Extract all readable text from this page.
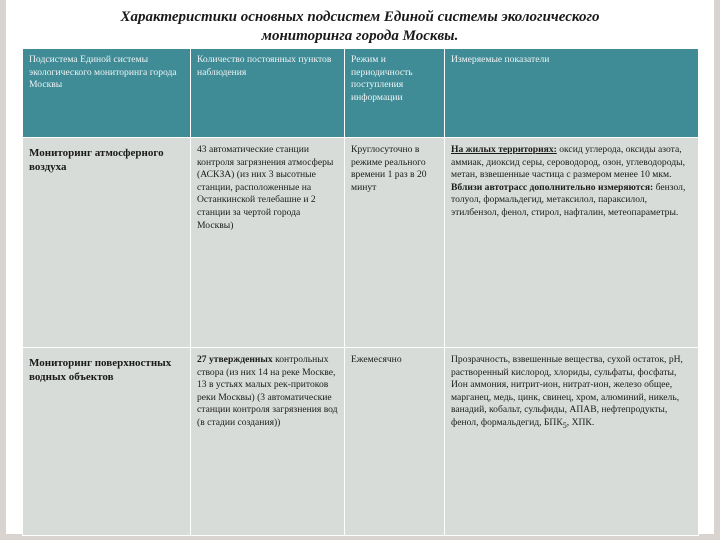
Характеристики основных подсистем Единой системы экологического
мониторинга города Москвы.
Подсистема Единой системы экологического мониторинга города Москвы	Количество постоянных пунктов наблюдения	Режим и периодичность поступления информации	Измеряемые показатели
Мониторинг атмосферного воздуха	43 автоматические станции контроля загрязнения атмосферы (АСКЗА) (из них 3 высотные станции, расположенные на Останкинской телебашне и 2 станции за чертой города Москвы)	Круглосуточно в режиме реального времени 1 раз в 20 минут	На жилых территориях: оксид углерода, оксиды азота, аммиак, диоксид серы, сероводород, озон, углеводороды, метан, взвешенные частица с размером менее 10 мкм.
Вблизи автотрасс дополнительно измеряются: бензол, толуол, формальдегид, метаксилол, параксилол, этилбензол, фенол, стирол, нафталин, метеопараметры.
Мониторинг поверхностных водных объектов	27 утвержденных контрольных створа (из них 14 на реке Москве, 13 в устьях малых рек-притоков реки Москвы) (3 автоматические станции контроля загрязнения вод (в стадии создания))	Ежемесячно	Прозрачность, взвешенные вещества, сухой остаток, pH, растворенный кислород, хлориды, сульфаты, фосфаты, Ион аммония, нитрит-ион, нитрат-ион, железо общее, марганец, медь, цинк, свинец, хром, алюминий, никель, ванадий, кобальт, сульфиды, АПАВ, нефтепродукты, фенол, формальдегид, $БПК_5$, ХПК.
